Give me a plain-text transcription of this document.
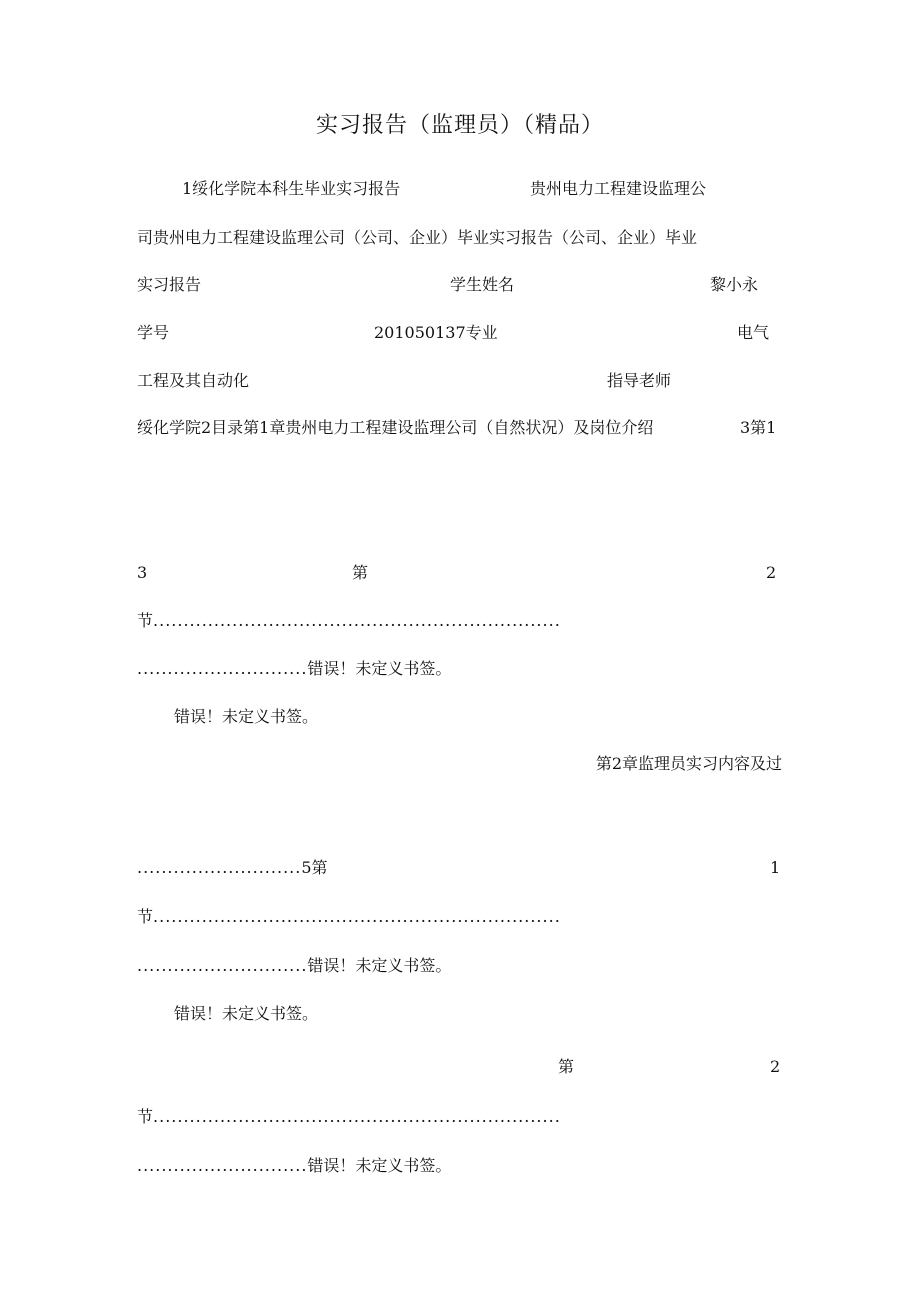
实习报告（监理员）（精品）
1绥化学院本科生毕业实习报告	贵州电力工程建设监理公
司贵州电力工程建设监理公司（公司、企业）毕业实习报告（公司、企业）毕业
实习报告	学生姓名	黎小永
学号	201050137专业	电气
工程及其自动化	指导老师
绥化学院2目录第1章贵州电力工程建设监理公司（自然状况）及岗位介绍	3第1
3	第	2
节...................................................................
............................错误！未定义书签。
错误！未定义书签。
第2章监理员实习内容及过
...........................5第	1
节...................................................................
............................错误！未定义书签。
错误！未定义书签。
第	2
节...................................................................
............................错误！未定义书签。
